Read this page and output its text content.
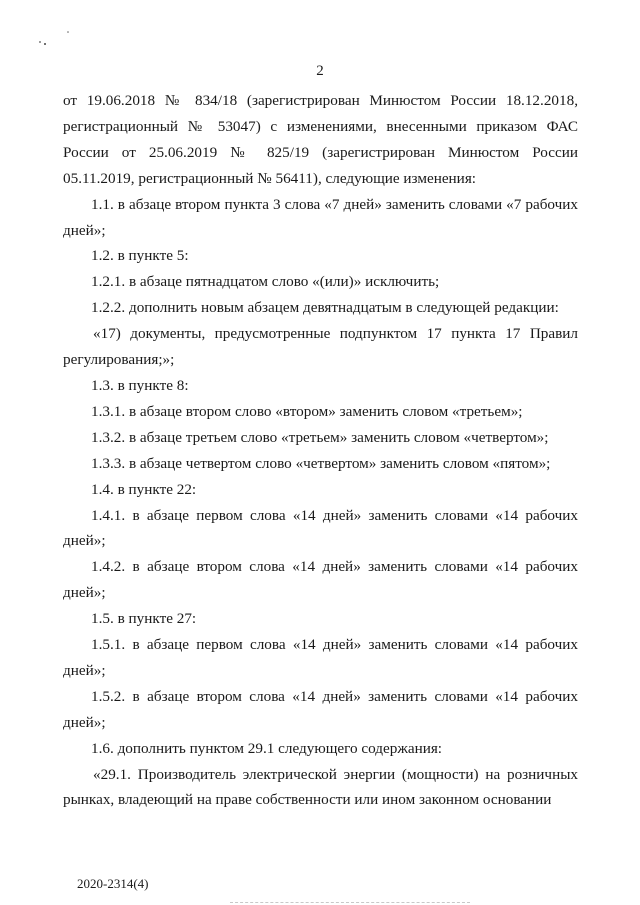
2

от 19.06.2018 № 834/18 (зарегистрирован Минюстом России 18.12.2018, регистрационный № 53047) с изменениями, внесенными приказом ФАС России от 25.06.2019 № 825/19 (зарегистрирован Минюстом России 05.11.2019, регистрационный № 56411), следующие изменения:

1.1. в абзаце втором пункта 3 слова «7 дней» заменить словами «7 рабочих дней»;

1.2. в пункте 5:

1.2.1. в абзаце пятнадцатом слово «(или)» исключить;

1.2.2. дополнить новым абзацем девятнадцатым в следующей редакции:

«17) документы, предусмотренные подпунктом 17 пункта 17 Правил регулирования;»;

1.3. в пункте 8:

1.3.1. в абзаце втором слово «втором» заменить словом «третьем»;

1.3.2. в абзаце третьем слово «третьем» заменить словом «четвертом»;

1.3.3. в абзаце четвертом слово «четвертом» заменить словом «пятом»;

1.4. в пункте 22:

1.4.1. в абзаце первом слова «14 дней» заменить словами «14 рабочих дней»;

1.4.2. в абзаце втором слова «14 дней» заменить словами «14 рабочих дней»;

1.5. в пункте 27:

1.5.1. в абзаце первом слова «14 дней» заменить словами «14 рабочих дней»;

1.5.2. в абзаце втором слова «14 дней» заменить словами «14 рабочих дней»;

1.6. дополнить пунктом 29.1 следующего содержания:

«29.1. Производитель электрической энергии (мощности) на розничных рынках, владеющий на праве собственности или ином законном основании

2020-2314(4)
